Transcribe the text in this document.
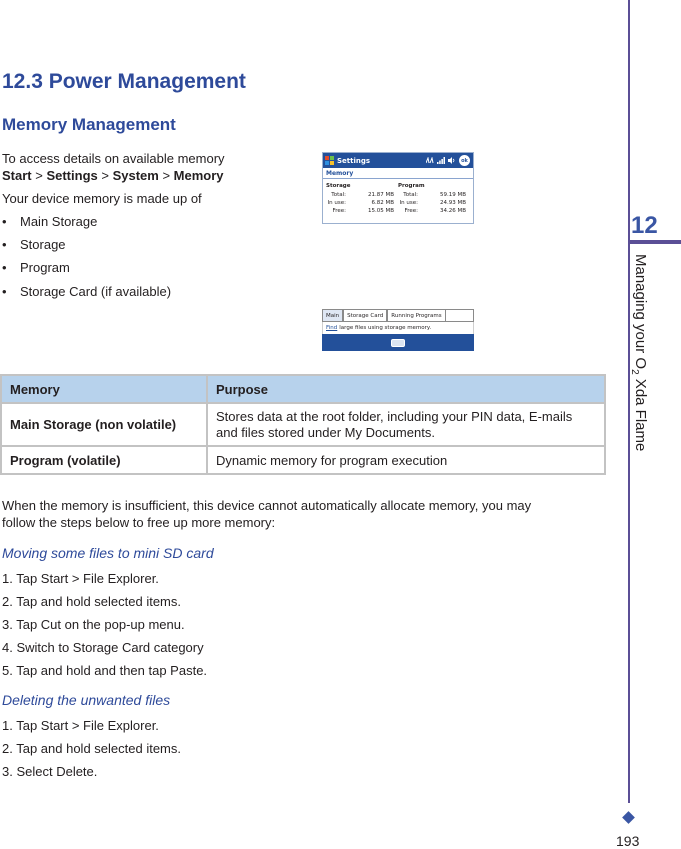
12.3 Power Management
Memory Management
To access details on available memory
Start > Settings > System > Memory
Your device memory is made up of
• Main Storage
• Storage
• Program
• Storage Card (if available)
Settings	ok
Memory
Storage
Total:	21.87 MB
In use:	6.82 MB
Free:	15.05 MB
Program
Total:	59.19 MB
In use:	24.93 MB
Free:	34.26 MB
Main	Storage Card	Running Programs
Find large files using storage memory.
Memory	Purpose
Main Storage (non volatile)	Stores data at the root folder, including your PIN data, E-mails
and files stored under My Documents.
Program (volatile)	Dynamic memory for program execution
When the memory is insufficient, this device cannot automatically allocate memory, you may
follow the steps below to free up more memory:
Moving some files to mini SD card
1. Tap Start > File Explorer.
2. Tap and hold selected items.
3. Tap Cut on the pop-up menu.
4. Switch to Storage Card category
5. Tap and hold and then tap Paste.
Deleting the unwanted files
1. Tap Start > File Explorer.
2. Tap and hold selected items.
3. Select Delete.
12
Managing your $O_2$ Xda Flame
193
